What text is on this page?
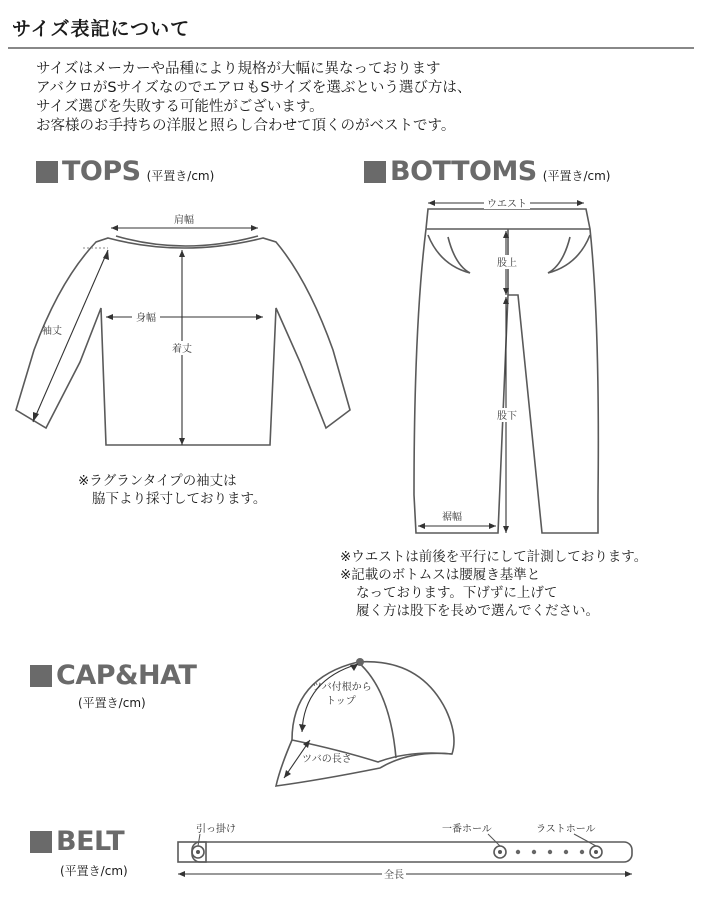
サイズ表記について
サイズはメーカーや品種により規格が大幅に異なっております
アバクロがSサイズなのでエアロもSサイズを選ぶという選び方は、
サイズ選びを失敗する可能性がございます。
お客様のお手持ちの洋服と照らし合わせて頂くのがベストです。
TOPS (平置き/cm)	BOTTOMS (平置き/cm)
肩幅
袖丈
身幅
着丈
※ラグランタイプの袖丈は
脇下より採寸しております。
ウエスト
股上
股下
裾幅
※ウエストは前後を平行にして計測しております。
※記載のボトムスは腰履き基準と
なっております。下げずに上げて
履く方は股下を長めで選んでください。
CAP&HAT
(平置き/cm)
ツバ付根から
トップ
ツバの長さ
BELT
(平置き/cm)
引っ掛け	一番ホール	ラストホール
全長
